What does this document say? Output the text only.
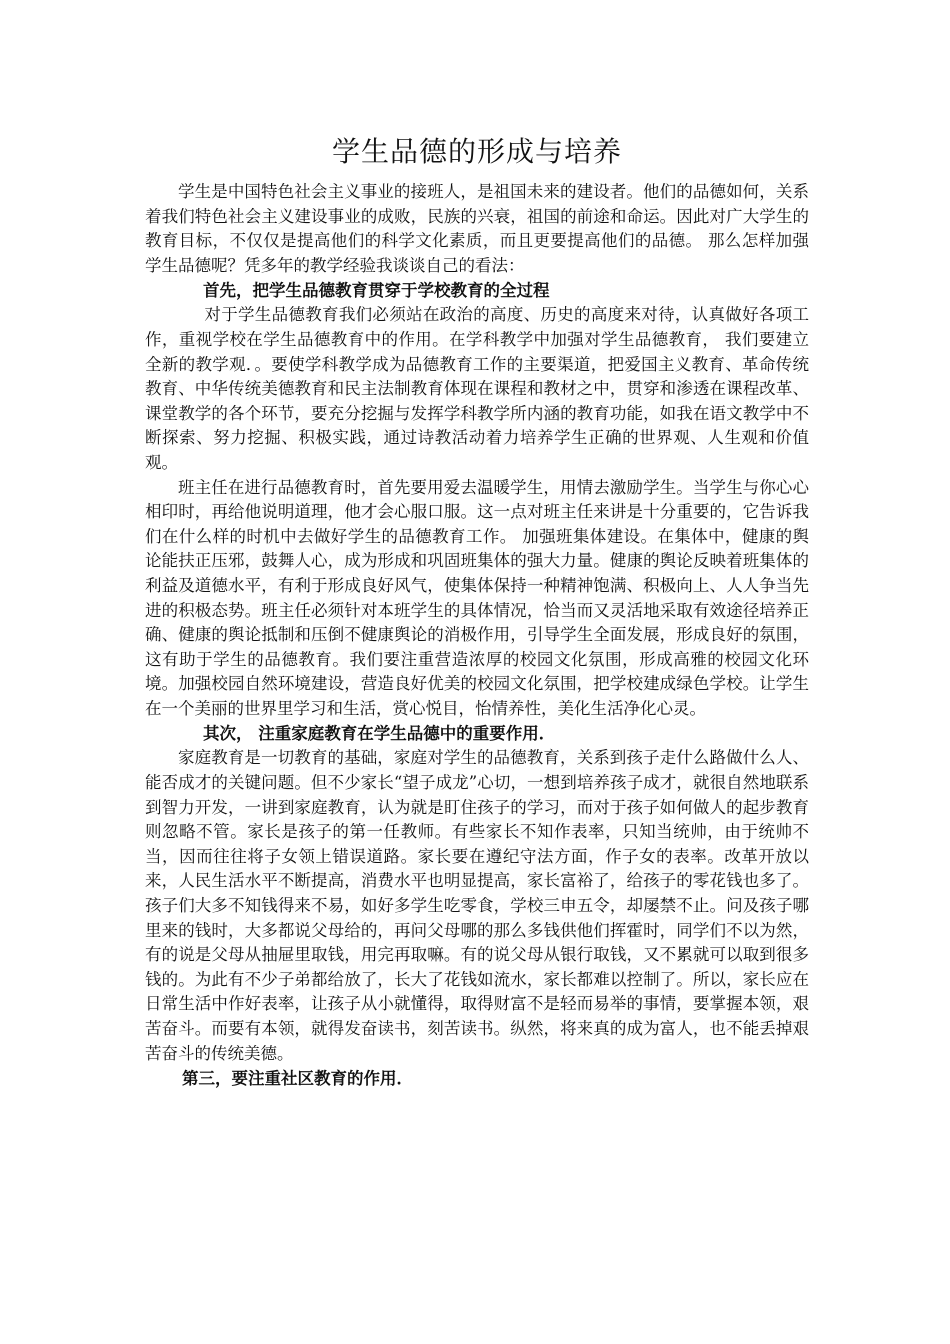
学生品德的形成与培养

学生是中国特色社会主义事业的接班人，是祖国未来的建设者。他们的品德如何，关系着我们特色社会主义建设事业的成败，民族的兴衰，祖国的前途和命运。因此对广大学生的教育目标，不仅仅是提高他们的科学文化素质，而且更要提高他们的品德。 那么怎样加强学生品德呢？凭多年的教学经验我谈谈自己的看法：

首先，把学生品德教育贯穿于学校教育的全过程

对于学生品德教育我们必须站在政治的高度、历史的高度来对待，认真做好各项工作，重视学校在学生品德教育中的作用。在学科教学中加强对学生品德教育， 我们要建立全新的教学观．。要使学科教学成为品德教育工作的主要渠道，把爱国主义教育、革命传统教育、中华传统美德教育和民主法制教育体现在课程和教材之中，贯穿和渗透在课程改革、课堂教学的各个环节，要充分挖掘与发挥学科教学所内涵的教育功能，如我在语文教学中不断探索、努力挖掘、积极实践，通过诗教活动着力培养学生正确的世界观、人生观和价值观。

班主任在进行品德教育时，首先要用爱去温暖学生，用情去激励学生。当学生与你心心相印时，再给他说明道理，他才会心服口服。这一点对班主任来讲是十分重要的，它告诉我们在什么样的时机中去做好学生的品德教育工作。 加强班集体建设。在集体中，健康的舆论能扶正压邪，鼓舞人心，成为形成和巩固班集体的强大力量。健康的舆论反映着班集体的利益及道德水平，有利于形成良好风气，使集体保持一种精神饱满、积极向上、人人争当先进的积极态势。班主任必须针对本班学生的具体情况，恰当而又灵活地采取有效途径培养正确、健康的舆论抵制和压倒不健康舆论的消极作用，引导学生全面发展，形成良好的氛围，这有助于学生的品德教育。我们要注重营造浓厚的校园文化氛围，形成高雅的校园文化环境。加强校园自然环境建设，营造良好优美的校园文化氛围，把学校建成绿色学校。让学生在一个美丽的世界里学习和生活，赏心悦目，怡情养性，美化生活净化心灵。

其次， 注重家庭教育在学生品德中的重要作用．

家庭教育是一切教育的基础，家庭对学生的品德教育，关系到孩子走什么路做什么人、能否成才的关键问题。但不少家长“望子成龙”心切，一想到培养孩子成才，就很自然地联系到智力开发，一讲到家庭教育，认为就是盯住孩子的学习，而对于孩子如何做人的起步教育则忽略不管。家长是孩子的第一任教师。有些家长不知作表率，只知当统帅，由于统帅不当，因而往往将子女领上错误道路。家长要在遵纪守法方面，作子女的表率。改革开放以来，人民生活水平不断提高，消费水平也明显提高，家长富裕了，给孩子的零花钱也多了。孩子们大多不知钱得来不易，如好多学生吃零食，学校三申五令，却屡禁不止。问及孩子哪里来的钱时，大多都说父母给的，再问父母哪的那么多钱供他们挥霍时，同学们不以为然，有的说是父母从抽屉里取钱，用完再取嘛。有的说父母从银行取钱，又不累就可以取到很多钱的。为此有不少子弟都给放了，长大了花钱如流水，家长都难以控制了。所以，家长应在日常生活中作好表率，让孩子从小就懂得，取得财富不是轻而易举的事情，要掌握本领，艰苦奋斗。而要有本领，就得发奋读书，刻苦读书。纵然，将来真的成为富人，也不能丢掉艰苦奋斗的传统美德。

第三，要注重社区教育的作用．
